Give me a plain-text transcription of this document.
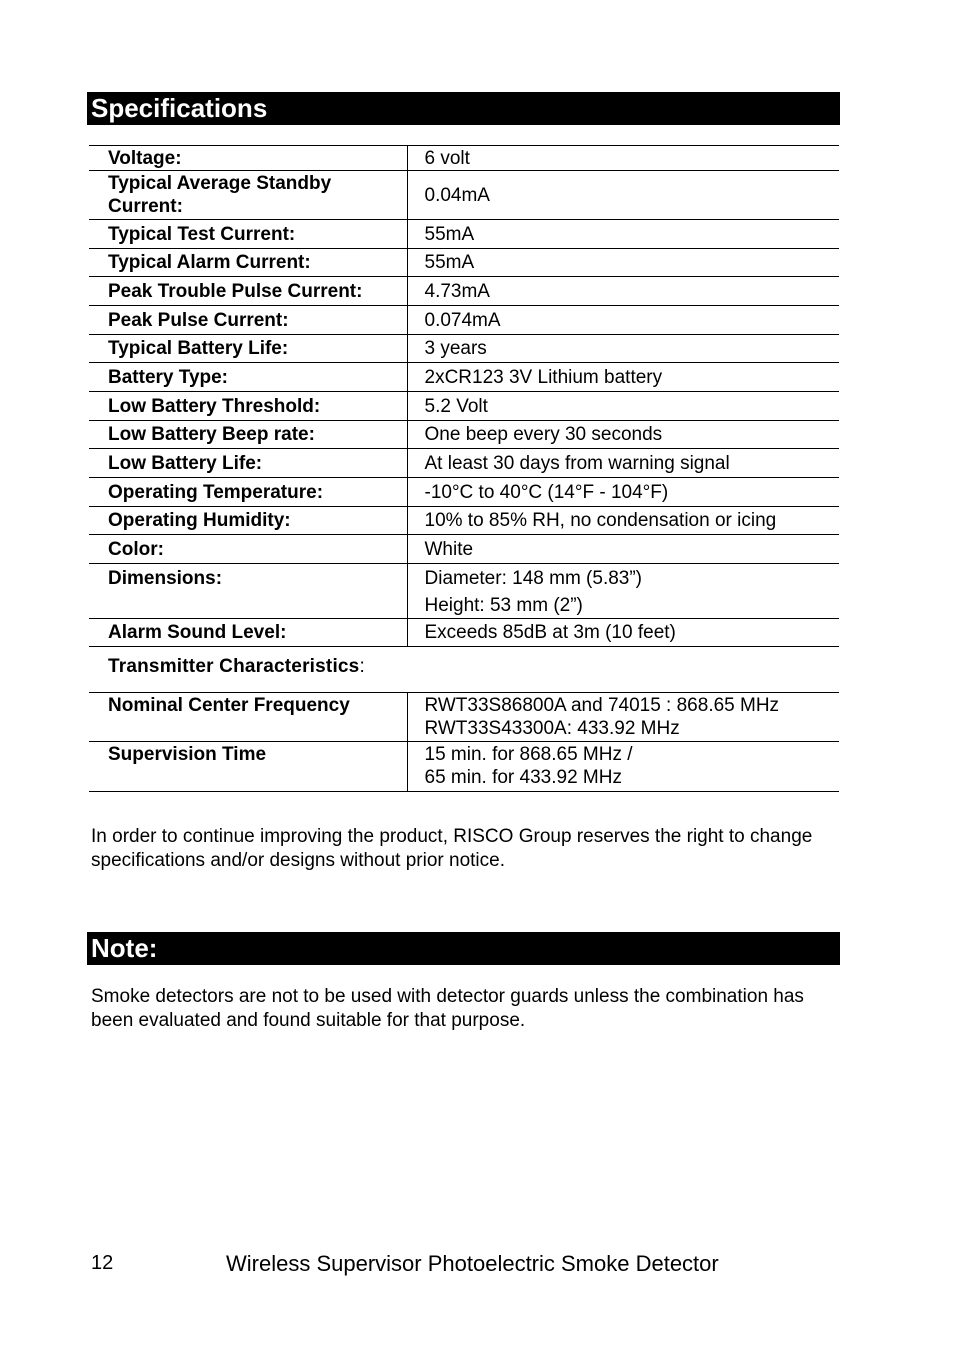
Specifications
Voltage:	6 volt
Typical Average Standby Current:	0.04mA
Typical Test Current:	55mA
Typical Alarm Current:	55mA
Peak Trouble Pulse Current:	4.73mA
Peak Pulse Current:	0.074mA
Typical Battery Life:	3 years
Battery Type:	2xCR123 3V Lithium battery
Low Battery Threshold:	5.2 Volt
Low Battery Beep rate:	One beep every 30 seconds
Low Battery Life:	At least 30 days from warning signal
Operating Temperature:	-10°C to 40°C (14°F - 104°F)
Operating Humidity:	10% to 85% RH, no condensation or icing
Color:	White
Dimensions:	Diameter: 148 mm (5.83”)
Height: 53 mm (2”)

Alarm Sound Level:	Exceeds 85dB at 3m (10 feet)
Transmitter Characteristics:
Nominal Center Frequency	RWT33S86800A and 74015 : 868.65 MHz
RWT33S43300A: 433.92 MHz

Supervision Time	15 min. for 868.65 MHz /
65 min. for 433.92 MHz
In order to continue improving the product, RISCO Group reserves the right to change specifications and/or designs without prior notice.
Note:
Smoke detectors are not to be used with detector guards unless the combination has been evaluated and found suitable for that purpose.
12	Wireless Supervisor Photoelectric Smoke Detector
